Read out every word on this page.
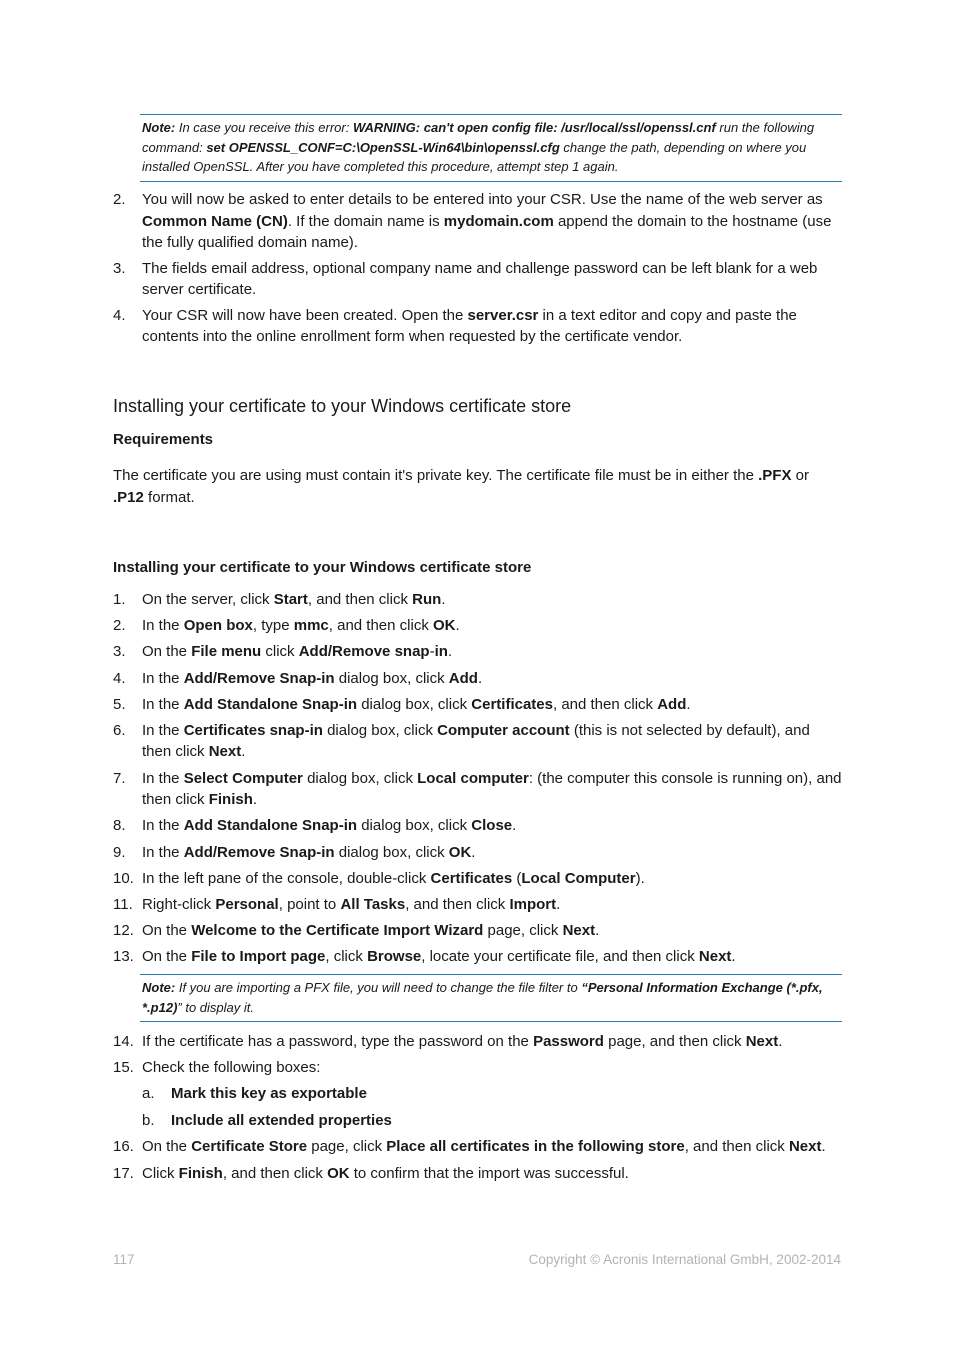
Note: In case you receive this error: WARNING: can't open config file: /usr/local/ssl/openssl.cnf run the following command: set OPENSSL_CONF=C:\OpenSSL-Win64\bin\openssl.cfg change the path, depending on where you installed OpenSSL. After you have completed this procedure, attempt step 1 again.
2. You will now be asked to enter details to be entered into your CSR. Use the name of the web server as Common Name (CN). If the domain name is mydomain.com append the domain to the hostname (use the fully qualified domain name).
3. The fields email address, optional company name and challenge password can be left blank for a web server certificate.
4. Your CSR will now have been created. Open the server.csr in a text editor and copy and paste the contents into the online enrollment form when requested by the certificate vendor.
Installing your certificate to your Windows certificate store
Requirements

The certificate you are using must contain it's private key. The certificate file must be in either the .PFX or .P12 format.

Installing your certificate to your Windows certificate store
1. On the server, click Start, and then click Run.
2. In the Open box, type mmc, and then click OK.
3. On the File menu click Add/Remove snap-in.
4. In the Add/Remove Snap-in dialog box, click Add.
5. In the Add Standalone Snap-in dialog box, click Certificates, and then click Add.
6. In the Certificates snap-in dialog box, click Computer account (this is not selected by default), and then click Next.
7. In the Select Computer dialog box, click Local computer: (the computer this console is running on), and then click Finish.
8. In the Add Standalone Snap-in dialog box, click Close.
9. In the Add/Remove Snap-in dialog box, click OK.
10. In the left pane of the console, double-click Certificates (Local Computer).
11. Right-click Personal, point to All Tasks, and then click Import.
12. On the Welcome to the Certificate Import Wizard page, click Next.
13. On the File to Import page, click Browse, locate your certificate file, and then click Next.
Note: If you are importing a PFX file, you will need to change the file filter to “Personal Information Exchange (*.pfx, *.p12)” to display it.
14. If the certificate has a password, type the password on the Password page, and then click Next.
15. Check the following boxes:
a. Mark this key as exportable
b. Include all extended properties
16. On the Certificate Store page, click Place all certificates in the following store, and then click Next.
17. Click Finish, and then click OK to confirm that the import was successful.
117	Copyright © Acronis International GmbH, 2002-2014
